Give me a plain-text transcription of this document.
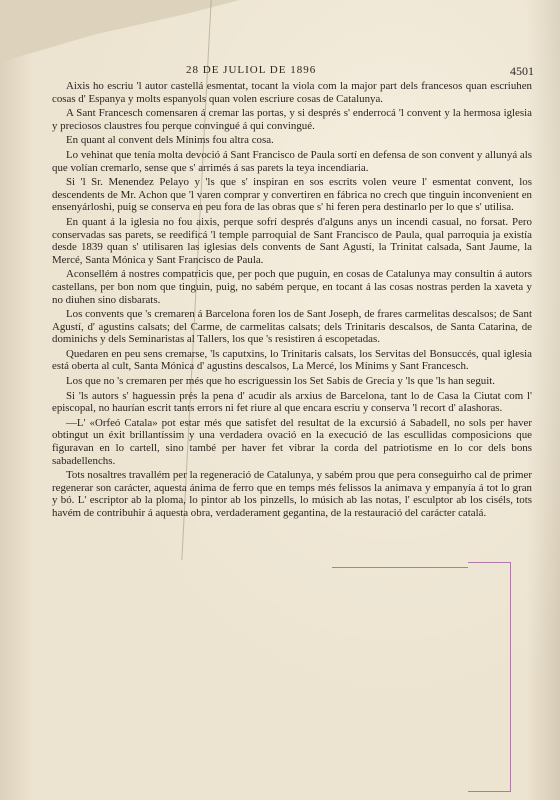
28 DE JULIOL DE 1896	4501

Aixis ho escriu 'l autor castellá esmentat, tocant la viola com la major part dels francesos quan escriuhen cosas d' Espanya y molts espanyols quan volen escriure cosas de Catalunya.

A Sant Francesch comensaren á cremar las portas, y si després s' enderrocá 'l convent y la hermosa iglesia y preciosos claustres fou perque convingué á qui convingué.

En quant al convent dels Mínims fou altra cosa.

Lo vehinat que tenía molta devoció á Sant Francisco de Paula sortí en defensa de son convent y allunyá als que volían cremarlo, sense que s' arrimés á sas parets la teya incendiaria.

Si 'l Sr. Menendez Pelayo y 'ls que s' inspiran en sos escrits volen veure l' esmentat convent, los descendents de Mr. Achon que 'l varen comprar y convertiren en fábrica no crech que tinguin inconvenient en ensenyárloshi, puig se conserva en peu fora de las obras que s' hi feren pera destinarlo per lo que s' utilisa.

En quant á la iglesia no fou aixis, perque sofrí després d'alguns anys un incendi casual, no forsat. Pero conservadas sas parets, se reedificá 'l temple parroquial de Sant Francisco de Paula, qual parroquia ja existía desde 1839 quan s' utilisaren las iglesias dels convents de Sant Agustí, la Trinitat calsada, Sant Jaume, la Mercé, Santa Mónica y Sant Francisco de Paula.

Aconsellém á nostres compatricis que, per poch que puguin, en cosas de Catalunya may consultin á autors castellans, per bon nom que tinguin, puig, no sabém perque, en tocant á las cosas nostras perden la xaveta y no diuhen sino disbarats.

Los convents que 's cremaren á Barcelona foren los de Sant Joseph, de frares carmelitas descalsos; de Sant Agustí, d' agustins calsats; del Carme, de carmelitas calsats; dels Trinitaris descalsos, de Santa Catarina, de dominichs y dels Seminaristas al Tallers, los que 's resistiren á escopetadas.

Quedaren en peu sens cremarse, 'ls caputxins, lo Trinitaris calsats, los Servitas del Bonsuccés, qual iglesia está oberta al cult, Santa Mónica d' agustins descalsos, La Mercé, los Mínims y Sant Francesch.

Los que no 's cremaren per més que ho escriguessin los Set Sabis de Grecia y 'ls que 'ls han seguit.

Si 'ls autors s' haguessin prés la pena d' acudir als arxius de Barcelona, tant lo de Casa la Ciutat com l' episcopal, no haurían escrit tants errors ni fet riure al que encara escriu y conserva 'l recort d' aIashoras.

—L' «Orfeó Catala» pot estar més que satisfet del resultat de la excursió á Sabadell, no sols per haver obtingut un éxit brillantíssim y una verdadera ovació en la execució de las escullidas composicions que figuravan en lo cartell, sino també per haver fet vibrar la corda del patriotisme en lo cor dels bons sabadellenchs.

Tots nosaltres travallém per la regeneració de Catalunya, y sabém prou que pera conseguirho cal de primer regenerar son carácter, aquesta ánima de ferro que en temps més felissos la animava y empanyía á tot lo gran y bó. L' escriptor ab la ploma, lo pintor ab los pinzells, lo músich ab las notas, l' esculptor ab los ciséls, tots havém de contribuhir á aquesta obra, verdaderament gegantina, de la restauració del carácter catalá.
